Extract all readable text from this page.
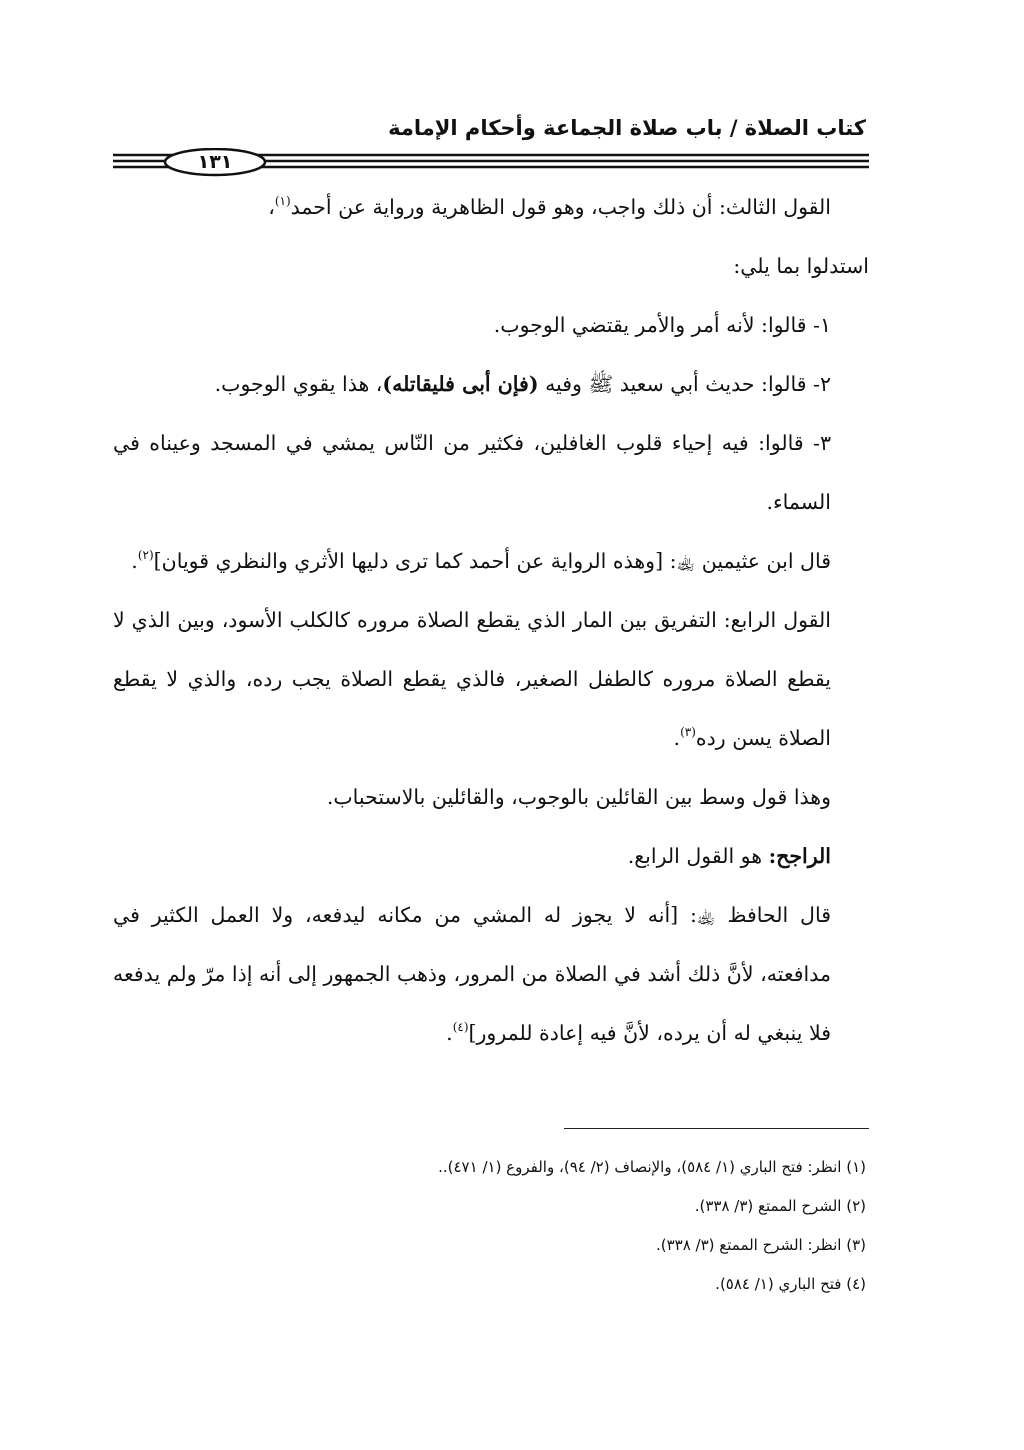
كتاب الصلاة / باب صلاة الجماعة وأحكام الإمامة
١٣١

القول الثالث: أن ذلك واجب، وهو قول الظاهرية ورواية عن أحمد$^{(١)}$،

استدلوا بما يلي:

١- قالوا: لأنه أمر والأمر يقتضي الوجوب.

٢- قالوا: حديث أبي سعيد ﷺ وفيه (فإن أبى فليقاتله)، هذا يقوي الوجوب.

٣- قالوا: فيه إحياء قلوب الغافلين، فكثير من النّاس يمشي في المسجد وعيناه في السماء.

قال ابن عثيمين ﵀: [وهذه الرواية عن أحمد كما ترى دليها الأثري والنظري قويان]$^{(٢)}$.

القول الرابع: التفريق بين المار الذي يقطع الصلاة مروره كالكلب الأسود، وبين الذي لا يقطع الصلاة مروره كالطفل الصغير، فالذي يقطع الصلاة يجب رده، والذي لا يقطع الصلاة يسن رده$^{(٣)}$.

وهذا قول وسط بين القائلين بالوجوب، والقائلين بالاستحباب.

الراجح: هو القول الرابع.

قال الحافظ ﵀: [أنه لا يجوز له المشي من مكانه ليدفعه، ولا العمل الكثير في مدافعته، لأنَّ ذلك أشد في الصلاة من المرور، وذهب الجمهور إلى أنه إذا مرّ ولم يدفعه فلا ينبغي له أن يرده، لأنَّ فيه إعادة للمرور]$^{(٤)}$.

(١) انظر: فتح الباري (١/ ٥٨٤)، والإنصاف (٢/ ٩٤)، والفروع (١/ ٤٧١)..

(٢) الشرح الممتع (٣/ ٣٣٨).

(٣) انظر: الشرح الممتع (٣/ ٣٣٨).

(٤) فتح الباري (١/ ٥٨٤).
